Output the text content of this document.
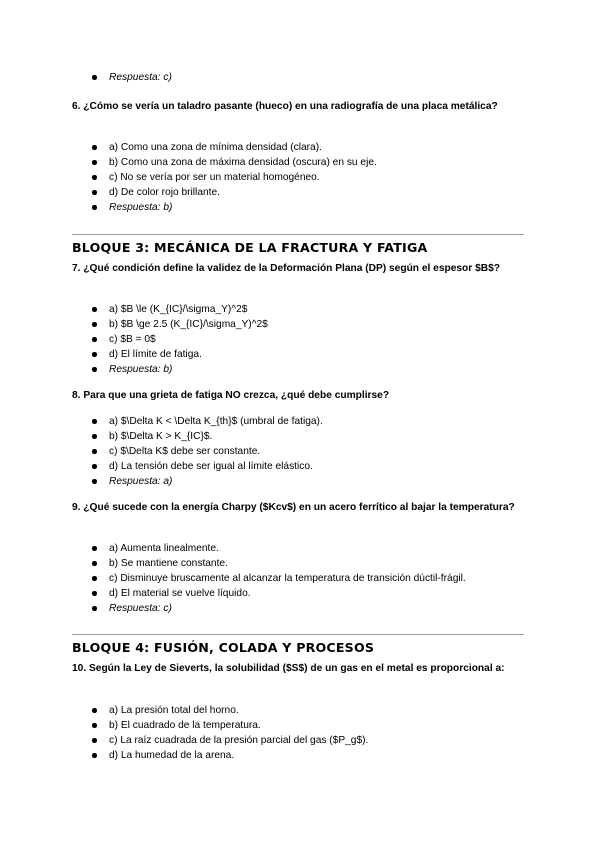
Respuesta: c)
6. ¿Cómo se vería un taladro pasante (hueco) en una radiografía de una placa metálica?
a) Como una zona de mínima densidad (clara).
b) Como una zona de máxima densidad (oscura) en su eje.
c) No se vería por ser un material homogéneo.
d) De color rojo brillante.
Respuesta: b)
BLOQUE 3: MECÁNICA DE LA FRACTURA Y FATIGA
7. ¿Qué condición define la validez de la Deformación Plana (DP) según el espesor $B$?
a) $B \le (K_{IC}/\sigma_Y)^2$
b) $B \ge 2.5 (K_{IC}/\sigma_Y)^2$
c) $B = 0$
d) El límite de fatiga.
Respuesta: b)
8. Para que una grieta de fatiga NO crezca, ¿qué debe cumplirse?
a) $\Delta K < \Delta K_{th}$ (umbral de fatiga).
b) $\Delta K > K_{IC}$.
c) $\Delta K$ debe ser constante.
d) La tensión debe ser igual al límite elástico.
Respuesta: a)
9. ¿Qué sucede con la energía Charpy ($Kcv$) en un acero ferrítico al bajar la temperatura?
a) Aumenta linealmente.
b) Se mantiene constante.
c) Disminuye bruscamente al alcanzar la temperatura de transición dúctil-frágil.
d) El material se vuelve líquido.
Respuesta: c)
BLOQUE 4: FUSIÓN, COLADA Y PROCESOS
10. Según la Ley de Sieverts, la solubilidad ($S$) de un gas en el metal es proporcional a:
a) La presión total del horno.
b) El cuadrado de la temperatura.
c) La raíz cuadrada de la presión parcial del gas ($P_g$).
d) La humedad de la arena.
